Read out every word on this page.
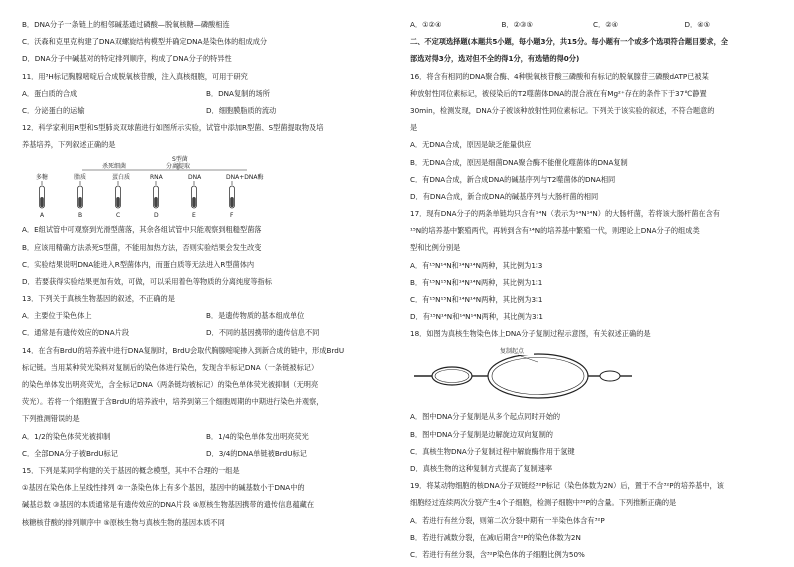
B．DNA分子一条链上的相邻碱基通过磷酸—脱氧核糖—磷酸相连
C．沃森和克里克构建了DNA双螺旋结构模型并确定DNA是染色体的组成成分
D．DNA分子中碱基对的特定排列顺序，构成了DNA分子的特异性
11．用³H标记胸腺嘧啶后合成脱氧核苷酸，注入真核细胞，可用于研究
A．蛋白质的合成	B．DNA复制的场所
C．分泌蛋白的运输	D．细胞膜脂质的流动
12．科学家利用R型和S型肺炎双球菌进行如图所示实验，试管中添加R型菌、S型菌提取物及培
养基培养，下列叙述正确的是
S型菌
分离提取
杀死细菌
多糖	脂质	蛋白质	RNA	DNA	DNA+DNA酶
A	B	C	D	E	F
A．E组试管中可观察到光滑型菌落，其余各组试管中只能观察到粗糙型菌落
B．应该用精确方法杀死S型菌，不能用加热方法，否则实验结果会发生改变
C．实验结果说明DNA能进入R型菌体内，而蛋白质等无法进入R型菌体内
D．若要获得实验结果更加有效，可做，可以采用着色等物质的分离纯度等指标
13．下列关于真核生物基因的叙述，不正确的是
A．主要位于染色体上	B．是遗传物质的基本组成单位
C．通常是有遗传效应的DNA片段	D．不同的基因携带的遗传信息不同
14．在含有BrdU的培养液中进行DNA复制时，BrdU会取代胸腺嘧啶掺入到新合成的链中，形成BrdU
标记链。当用某种荧光染料对复制后的染色体进行染色，发现含半标记DNA（一条链被标记）
的染色单体发出明亮荧光，含全标记DNA（两条链均被标记）的染色单体荧光被抑制（无明亮
荧光）。若将一个细胞置于含BrdU的培养液中，培养到第三个细胞周期的中期进行染色并观察，
下列推测错误的是
A．1/2的染色体荧光被抑制	B．1/4的染色单体发出明亮荧光
C．全部DNA分子被BrdU标记	D．3/4的DNA单链被BrdU标记
15．下列是某同学构建的关于基因的概念模型，其中不合理的一组是
①基因在染色体上呈线性排列 ②一条染色体上有多个基因，基因中的碱基数小于DNA中的
碱基总数 ③基因的本质通常是有遗传效应的DNA片段 ④原核生物基因携带的遗传信息蕴藏在
核糖核苷酸的排列顺序中 ⑤原核生物与真核生物的基因本质不同
A．①②④	B．②③⑤	C．②④	D．④⑤
二、不定项选择题(本题共5小题，每小题3分，共15分。每小题有一个或多个选项符合题目要求，全
部选对得3分，选对但不全的得1分，有选错的得0分)
16．将含有相同的DNA聚合酶、4种脱氧核苷酸三磷酸和有标记的脱氧腺苷三磷酸dATP已被某
种放射性同位素标记，被侵染后的T2噬菌体DNA的混合液在有Mg²⁺存在的条件下于37℃静置
30min，检测发现，DNA分子被该种放射性同位素标记。下列关于该实验的叙述，不符合题意的
是
A．无DNA合成，原因是缺乏能量供应
B．无DNA合成，原因是细菌DNA聚合酶不能催化噬菌体的DNA复制
C．有DNA合成，新合成DNA的碱基序列与T2噬菌体的DNA相同
D．有DNA合成，新合成DNA的碱基序列与大肠杆菌的相同
17．现有DNA分子的两条单链均只含有¹⁴N（表示为¹⁴N¹⁴N）的大肠杆菌，若将该大肠杆菌在含有
¹⁵N的培养基中繁殖两代，再转到含有¹⁴N的培养基中繁殖一代，则理论上DNA分子的组成类
型和比例分别是
A．有¹⁵N¹⁴N和¹⁴N¹⁴N两种，其比例为1∶3
B．有¹⁵N¹⁵N和¹⁴N¹⁴N两种，其比例为1∶1
C．有¹⁵N¹⁵N和¹⁴N¹⁴N两种，其比例为3∶1
D．有¹⁵N¹⁴N和¹⁴N¹⁴N两种，其比例为3∶1
18．如图为真核生物染色体上DNA分子复制过程示意图，有关叙述正确的是
复制起点
A．图中DNA分子复制是从多个起点同时开始的
B．图中DNA分子复制是边解旋边双向复制的
C．真核生物DNA分子复制过程中解旋酶作用于氢键
D．真核生物的这种复制方式提高了复制速率
19．将某动物细胞的核DNA分子双链经³²P标记（染色体数为2N）后，置于不含³²P的培养基中，该
细胞经过连续两次分裂产生4个子细胞，检测子细胞中³²P的含量。下列推断正确的是
A．若进行有丝分裂，则第二次分裂中期有一半染色体含有³²P
B．若进行减数分裂，在减Ⅰ后期含³²P的染色体数为2N
C．若进行有丝分裂，含³²P染色体的子细胞比例为50%
